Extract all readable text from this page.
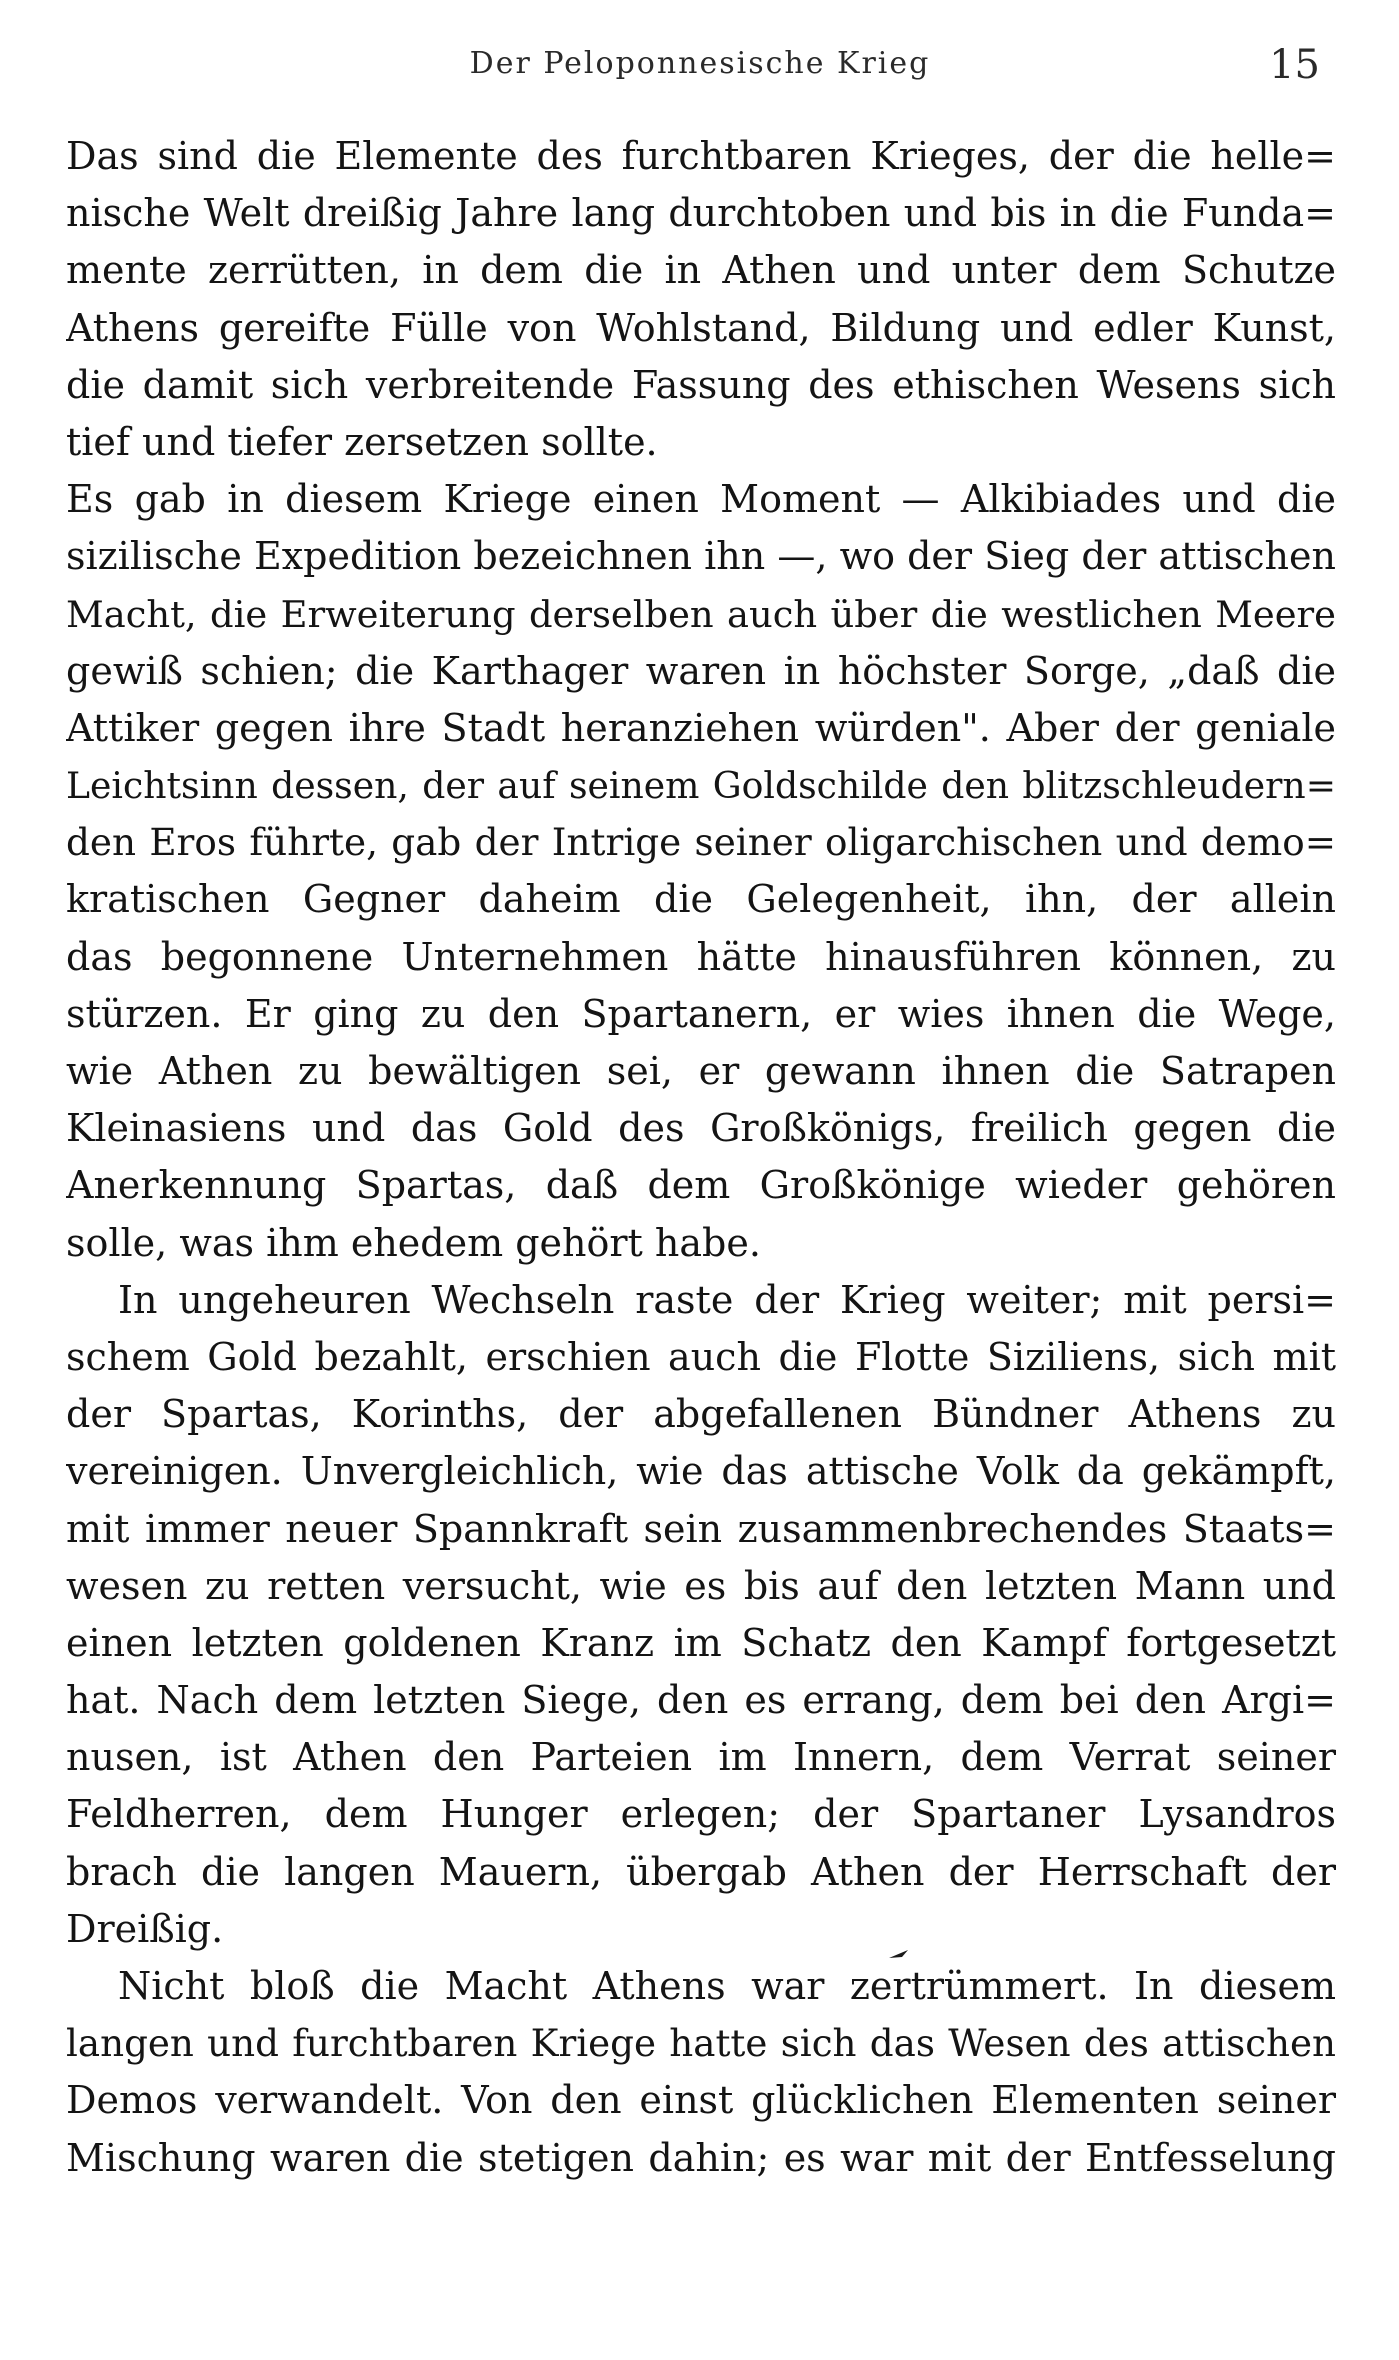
Der Peloponnesische Krieg	15
Das sind die Elemente des furchtbaren Krieges, der die helle=
nische Welt dreißig Jahre lang durchtoben und bis in die Funda=
mente zerrütten, in dem die in Athen und unter dem Schutze
Athens gereifte Fülle von Wohlstand, Bildung und edler Kunst,
die damit sich verbreitende Fassung des ethischen Wesens sich
tief und tiefer zersetzen sollte.
Es gab in diesem Kriege einen Moment — Alkibiades und die
sizilische Expedition bezeichnen ihn —, wo der Sieg der attischen
Macht, die Erweiterung derselben auch über die westlichen Meere
gewiß schien; die Karthager waren in höchster Sorge, „daß die
Attiker gegen ihre Stadt heranziehen würden". Aber der geniale
Leichtsinn dessen, der auf seinem Goldschilde den blitzschleudern=
den Eros führte, gab der Intrige seiner oligarchischen und demo=
kratischen Gegner daheim die Gelegenheit, ihn, der allein
das begonnene Unternehmen hätte hinausführen können, zu
stürzen. Er ging zu den Spartanern, er wies ihnen die Wege,
wie Athen zu bewältigen sei, er gewann ihnen die Satrapen
Kleinasiens und das Gold des Großkönigs, freilich gegen die
Anerkennung Spartas, daß dem Großkönige wieder gehören
solle, was ihm ehedem gehört habe.
In ungeheuren Wechseln raste der Krieg weiter; mit persi=
schem Gold bezahlt, erschien auch die Flotte Siziliens, sich mit
der Spartas, Korinths, der abgefallenen Bündner Athens zu
vereinigen. Unvergleichlich, wie das attische Volk da gekämpft,
mit immer neuer Spannkraft sein zusammenbrechendes Staats=
wesen zu retten versucht, wie es bis auf den letzten Mann und
einen letzten goldenen Kranz im Schatz den Kampf fortgesetzt
hat. Nach dem letzten Siege, den es errang, dem bei den Argi=
nusen, ist Athen den Parteien im Innern, dem Verrat seiner
Feldherren, dem Hunger erlegen; der Spartaner Lysandros
brach die langen Mauern, übergab Athen der Herrschaft der
Dreißig.
Nicht bloß die Macht Athens war zertrümmert. In diesem
langen und furchtbaren Kriege hatte sich das Wesen des attischen
Demos verwandelt. Von den einst glücklichen Elementen seiner
Mischung waren die stetigen dahin; es war mit der Entfesselung
